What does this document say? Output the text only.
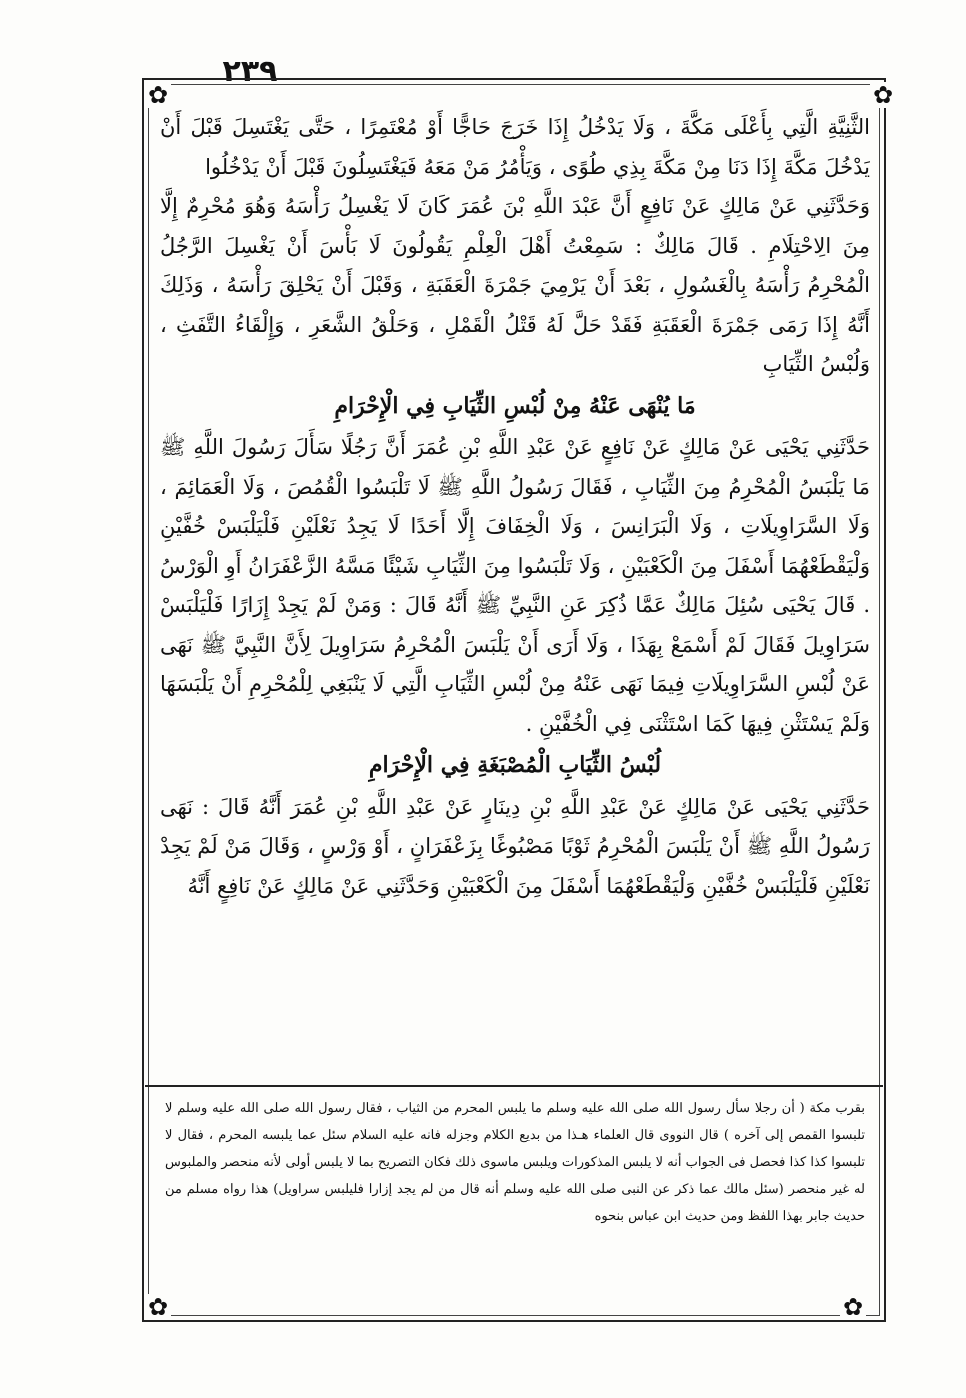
٢٣٩
✿	✿
✿	✿

الثَّنِيَّةِ الَّتِي بِأَعْلَى مَكَّةَ ، وَلَا يَدْخُلُ إِذَا خَرَجَ حَاجًّا أَوْ مُعْتَمِرًا ، حَتَّى يَغْتَسِلَ قَبْلَ أَنْ يَدْخُلَ مَكَّةَ إِذَا دَنَا مِنْ مَكَّةَ بِذِي طُوًى ، وَيَأْمُرُ مَنْ مَعَهُ فَيَغْتَسِلُونَ قَبْلَ أَنْ يَدْخُلُوا

وَحَدَّثَنِي عَنْ مَالِكٍ عَنْ نَافِعٍ أَنَّ عَبْدَ اللَّهِ بْنَ عُمَرَ كَانَ لَا يَغْسِلُ رَأْسَهُ وَهُوَ مُحْرِمٌ إِلَّا مِنَ الِاحْتِلَامِ . قَالَ مَالِكٌ : سَمِعْتُ أَهْلَ الْعِلْمِ يَقُولُونَ لَا بَأْسَ أَنْ يَغْسِلَ الرَّجُلُ الْمُحْرِمُ رَأْسَهُ بِالْغَسُولِ ، بَعْدَ أَنْ يَرْمِيَ جَمْرَةَ الْعَقَبَةِ ، وَقَبْلَ أَنْ يَحْلِقَ رَأْسَهُ ، وَذَلِكَ أَنَّهُ إِذَا رَمَى جَمْرَةَ الْعَقَبَةِ فَقَدْ حَلَّ لَهُ قَتْلُ الْقَمْلِ ، وَحَلْقُ الشَّعَرِ ، وَإِلْقَاءُ التَّفَثِ ، وَلُبْسُ الثِّيَابِ

مَا يُنْهَى عَنْهُ مِنْ لُبْسِ الثِّيَابِ فِي الْإِحْرَامِ

حَدَّثَنِي يَحْيَى عَنْ مَالِكٍ عَنْ نَافِعٍ عَنْ عَبْدِ اللَّهِ بْنِ عُمَرَ أَنَّ رَجُلًا سَأَلَ رَسُولَ اللَّهِ ﷺ مَا يَلْبَسُ الْمُحْرِمُ مِنَ الثِّيَابِ ، فَقَالَ رَسُولُ اللَّهِ ﷺ لَا تَلْبَسُوا الْقُمُصَ ، وَلَا الْعَمَائِمَ ، وَلَا السَّرَاوِيلَاتِ ، وَلَا الْبَرَانِسَ ، وَلَا الْخِفَافَ إِلَّا أَحَدًا لَا يَجِدُ نَعْلَيْنِ فَلْيَلْبَسْ خُفَّيْنِ وَلْيَقْطَعْهُمَا أَسْفَلَ مِنَ الْكَعْبَيْنِ ، وَلَا تَلْبَسُوا مِنَ الثِّيَابِ شَيْئًا مَسَّهُ الزَّعْفَرَانُ أَوِ الْوَرْسُ . قَالَ يَحْيَى سُئِلَ مَالِكٌ عَمَّا ذُكِرَ عَنِ النَّبِيِّ ﷺ أَنَّهُ قَالَ : وَمَنْ لَمْ يَجِدْ إِزَارًا فَلْيَلْبَسْ سَرَاوِيلَ فَقَالَ لَمْ أَسْمَعْ بِهَذَا ، وَلَا أَرَى أَنْ يَلْبَسَ الْمُحْرِمُ سَرَاوِيلَ لِأَنَّ النَّبِيَّ ﷺ نَهَى عَنْ لُبْسِ السَّرَاوِيلَاتِ فِيمَا نَهَى عَنْهُ مِنْ لُبْسِ الثِّيَابِ الَّتِي لَا يَنْبَغِي لِلْمُحْرِمِ أَنْ يَلْبَسَهَا وَلَمْ يَسْتَثْنِ فِيهَا كَمَا اسْتَثْنَى فِي الْخُفَّيْنِ .

لُبْسُ الثِّيَابِ الْمُصْبَغَةِ فِي الْإِحْرَامِ

حَدَّثَنِي يَحْيَى عَنْ مَالِكٍ عَنْ عَبْدِ اللَّهِ بْنِ دِينَارٍ عَنْ عَبْدِ اللَّهِ بْنِ عُمَرَ أَنَّهُ قَالَ : نَهَى رَسُولُ اللَّهِ ﷺ أَنْ يَلْبَسَ الْمُحْرِمُ ثَوْبًا مَصْبُوغًا بِزَعْفَرَانٍ ، أَوْ وَرْسٍ ، وَقَالَ مَنْ لَمْ يَجِدْ نَعْلَيْنِ فَلْيَلْبَسْ خُفَّيْنِ وَلْيَقْطَعْهُمَا أَسْفَلَ مِنَ الْكَعْبَيْنِ وَحَدَّثَنِي عَنْ مَالِكٍ عَنْ نَافِعٍ أَنَّهُ

بقرب مكة ( أن رجلا سأل رسول الله صلى الله عليه وسلم ما يلبس المحرم من الثياب ، فقال رسول الله صلى الله عليه وسلم لا تلبسوا القمص إلى آخره ) قال النووى قال العلماء هـذا من بديع الكلام وجزله فانه عليه السلام سئل عما يلبسه المحرم ، فقال لا تلبسوا كذا كذا فحصل فى الجواب أنه لا يلبس المذكورات ويلبس ماسوى ذلك فكان التصريح بما لا يلبس أولى لأنه منحصر والملبوس له غير منحصر (سئل مالك عما ذكر عن النبى صلى الله عليه وسلم أنه قال من لم يجد إزارا فليلبس سراويل) هذا رواه مسلم من حديث جابر بهذا اللفظ ومن حديث ابن عباس بنحوه
